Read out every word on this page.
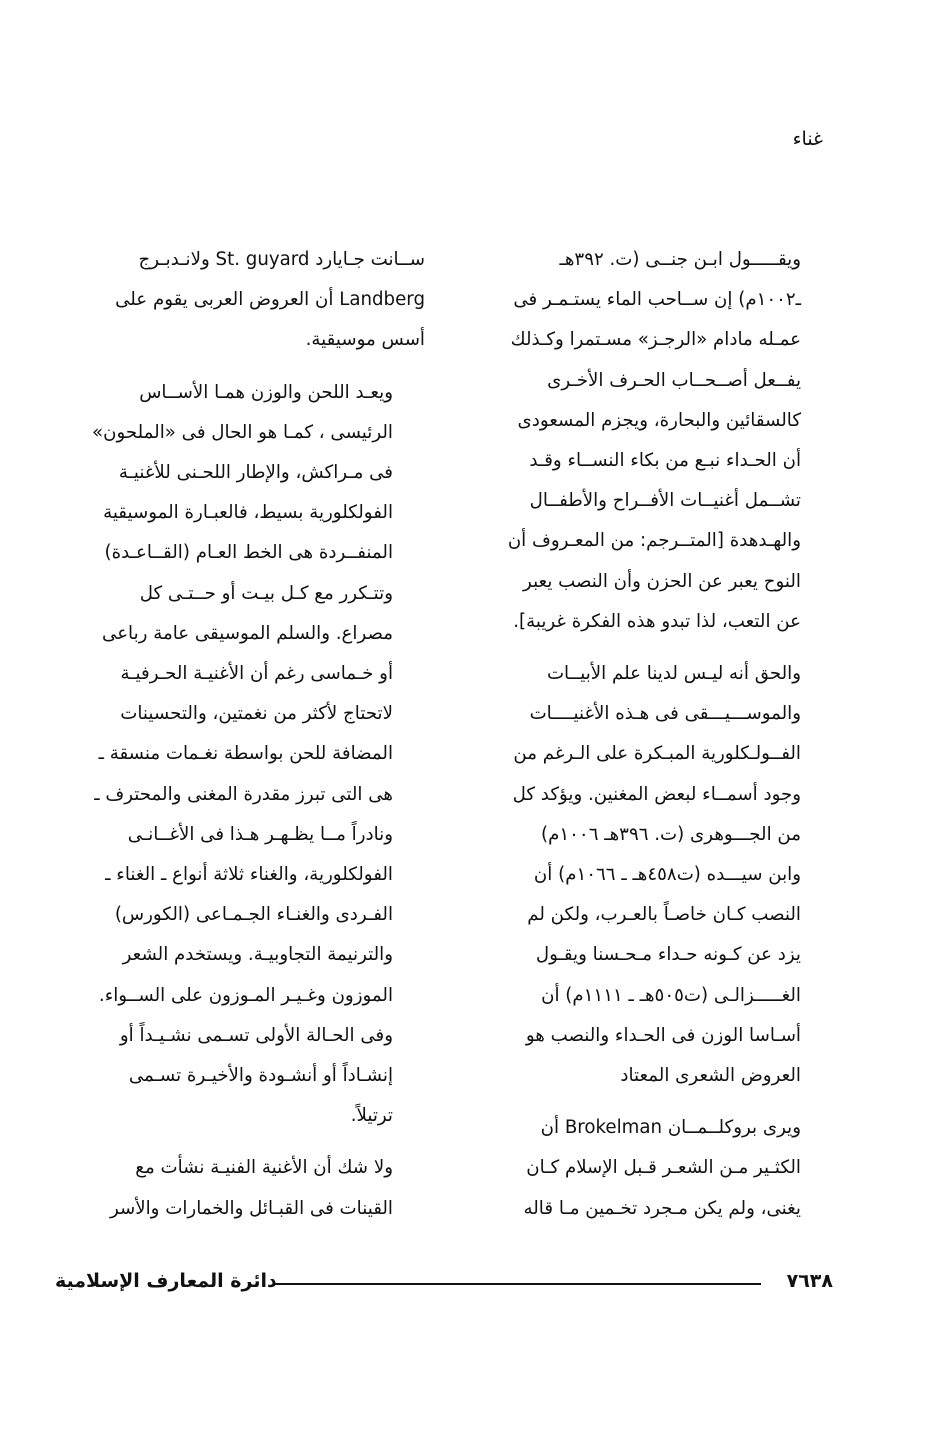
غناء

ويقـــــول ابـن جنــى (ت. ٣٩٢هـ
ـ١٠٠٢م) إن ســاحب الماء يستـمـر فى
عمـله مادام «الرجـز» مسـتمرا وكـذلك
يفــعل أصــحــاب الحـرف الأخـرى
كالسقائين والبحارة، ويجزم المسعودى
أن الحـداء نبـع من بكاء النســاء وقـد
تشــمل أغنيــات الأفــراح والأطفــال
والهـدهدة [المتــرجم: من المعـروف أن
النوح يعبر عن الحزن وأن النصب يعبر
عن التعب، لذا تبدو هذه الفكرة غريبة].

والحق أنه ليـس لدينا علم الأبيــات
والموســـيـــقى فى هـذه الأغنيــــات
الفــولـكلورية المبـكرة على الـرغم من
وجود أسمــاء لبعض المغنين. ويؤكد كل
من الجـــوهرى (ت. ٣٩٦هـ ١٠٠٦م)
وابن سيـــده (ت٤٥٨هـ ـ ١٠٦٦م) أن
النصب كـان خاصـاً بالعـرب، ولكن لم
يزد عن كـونه حـداء مـحـسنا ويقـول
الغـــــزالـى (ت٥٠٥هـ ـ ١١١١م) أن
أسـاسا الوزن فى الحـداء والنصب هو
العروض الشعرى المعتاد

ويرى بروكلــمــان Brokelman أن
الكثـير مـن الشعـر قـبل الإسلام كـان
يغنى، ولم يكن مـجرد تخـمين مـا قاله

ســانت جـايارد St. guyard ولانـدبـرج
Landberg أن العروض العربى يقوم على
أسس موسيقية.

ويعـد اللحن والوزن همـا الأســاس
الرئيسى ، كمـا هو الحال فى «الملحون»
فى مـراكش، والإطار اللحـنى للأغنيـة
الفولكلورية بسيط، فالعبـارة الموسيقية
المنفــردة هى الخط العـام (القــاعـدة)
وتتـكرر مع كـل بيـت أو حــتـى كل
مصراع. والسلم الموسيقى عامة رباعى
أو خـماسى رغم أن الأغنيـة الحـرفيـة
لاتحتاج لأكثر من نغمتين، والتحسينات
المضافة للحن بواسطة نغـمات منسقة ـ
هى التى تبرز مقدرة المغنى والمحترف ـ
ونادراً مــا يظـهـر هـذا فى الأغــانـى
الفولكلورية، والغناء ثلاثة أنواع ـ الغناء ـ
الفـردى والغنـاء الجـمـاعى (الكورس)
والترنيمة التجاوبيـة. ويستخدم الشعر
الموزون وغـيـر المـوزون على الســواء.
وفى الحـالة الأولى تسـمى نشـيـداً أو
إنشـاداً أو أنشـودة والأخيـرة تسـمى
ترتيلاً.

ولا شك أن الأغنية الفنيـة نشأت مع
القينات فى القبـائل والخمارات والأسر

دائرة المعارف الإسلامية	٧٦٣٨
